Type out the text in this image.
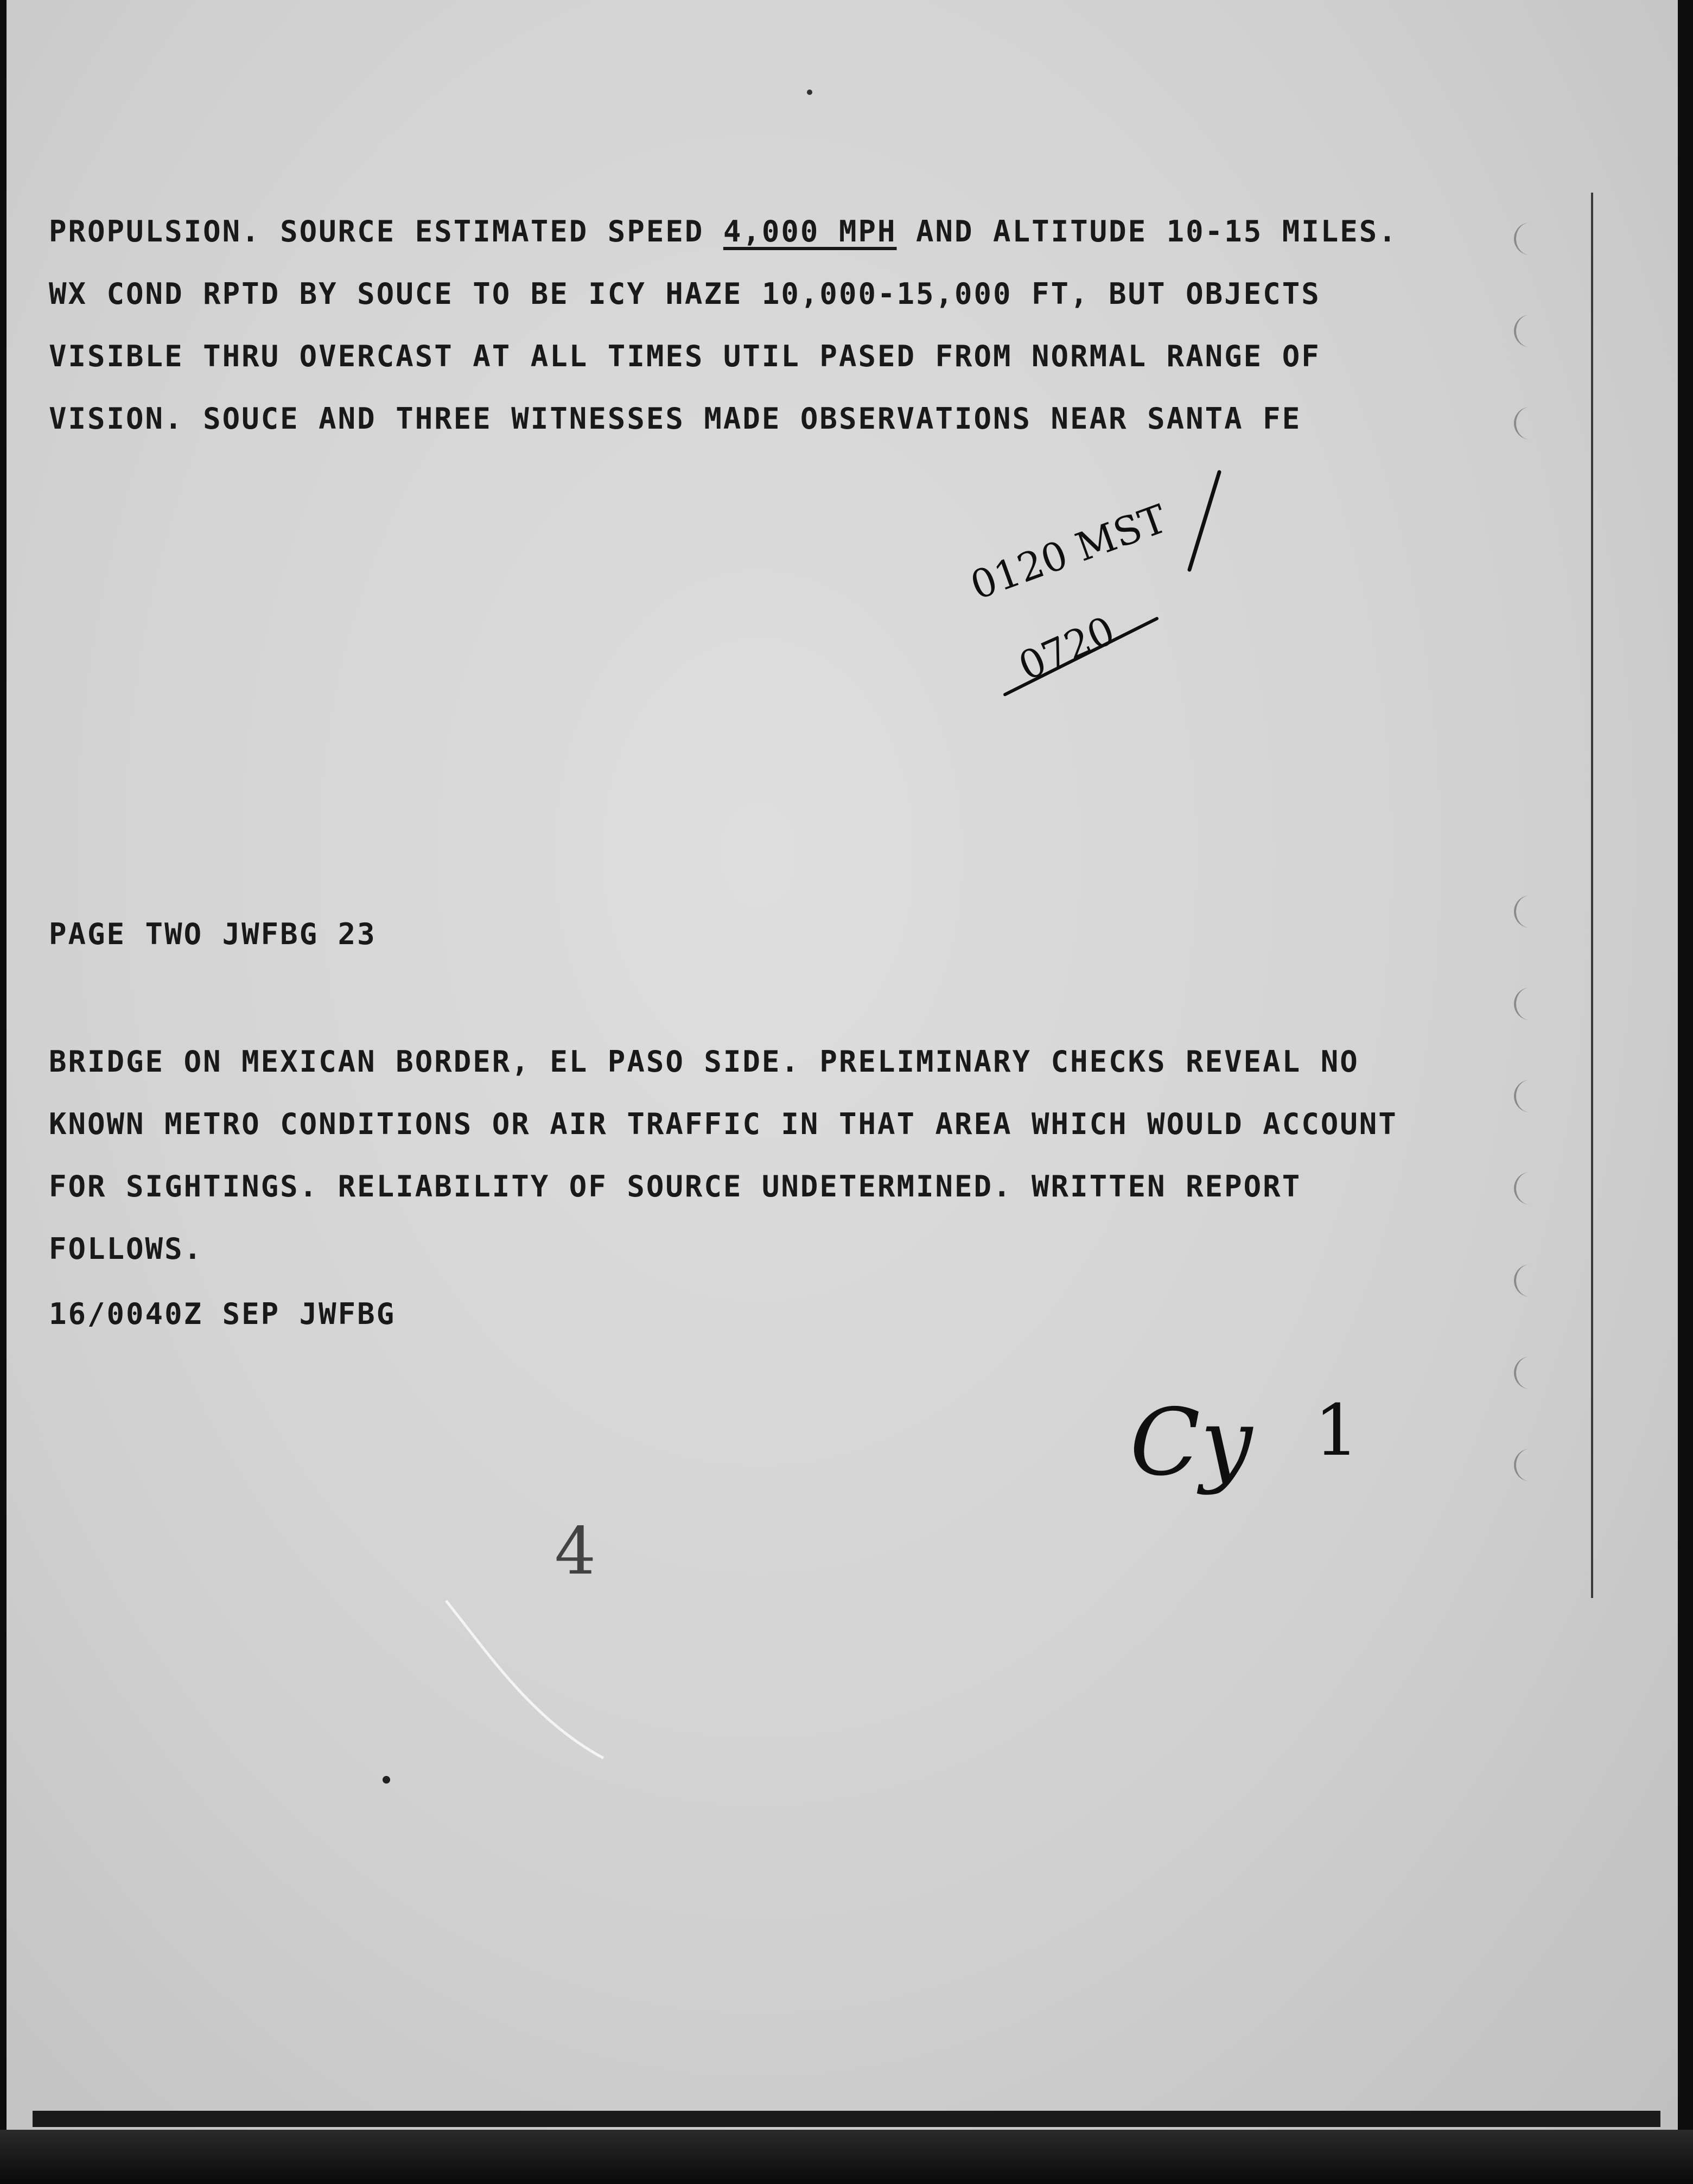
PROPULSION. SOURCE ESTIMATED SPEED 4,000 MPH AND ALTITUDE 10-15 MILES.
WX COND RPTD BY SOUCE TO BE ICY HAZE 10,000-15,000 FT, BUT OBJECTS
VISIBLE THRU OVERCAST AT ALL TIMES UTIL PASED FROM NORMAL RANGE OF
VISION. SOUCE AND THREE WITNESSES MADE OBSERVATIONS NEAR SANTA FE
PAGE TWO JWFBG 23
BRIDGE ON MEXICAN BORDER, EL PASO SIDE. PRELIMINARY CHECKS REVEAL NO
KNOWN METRO CONDITIONS OR AIR TRAFFIC IN THAT AREA WHICH WOULD ACCOUNT
FOR SIGHTINGS. RELIABILITY OF SOURCE UNDETERMINED. WRITTEN REPORT
FOLLOWS.
16/0040Z SEP JWFBG
0120 MST
0720
Cy 1
4
